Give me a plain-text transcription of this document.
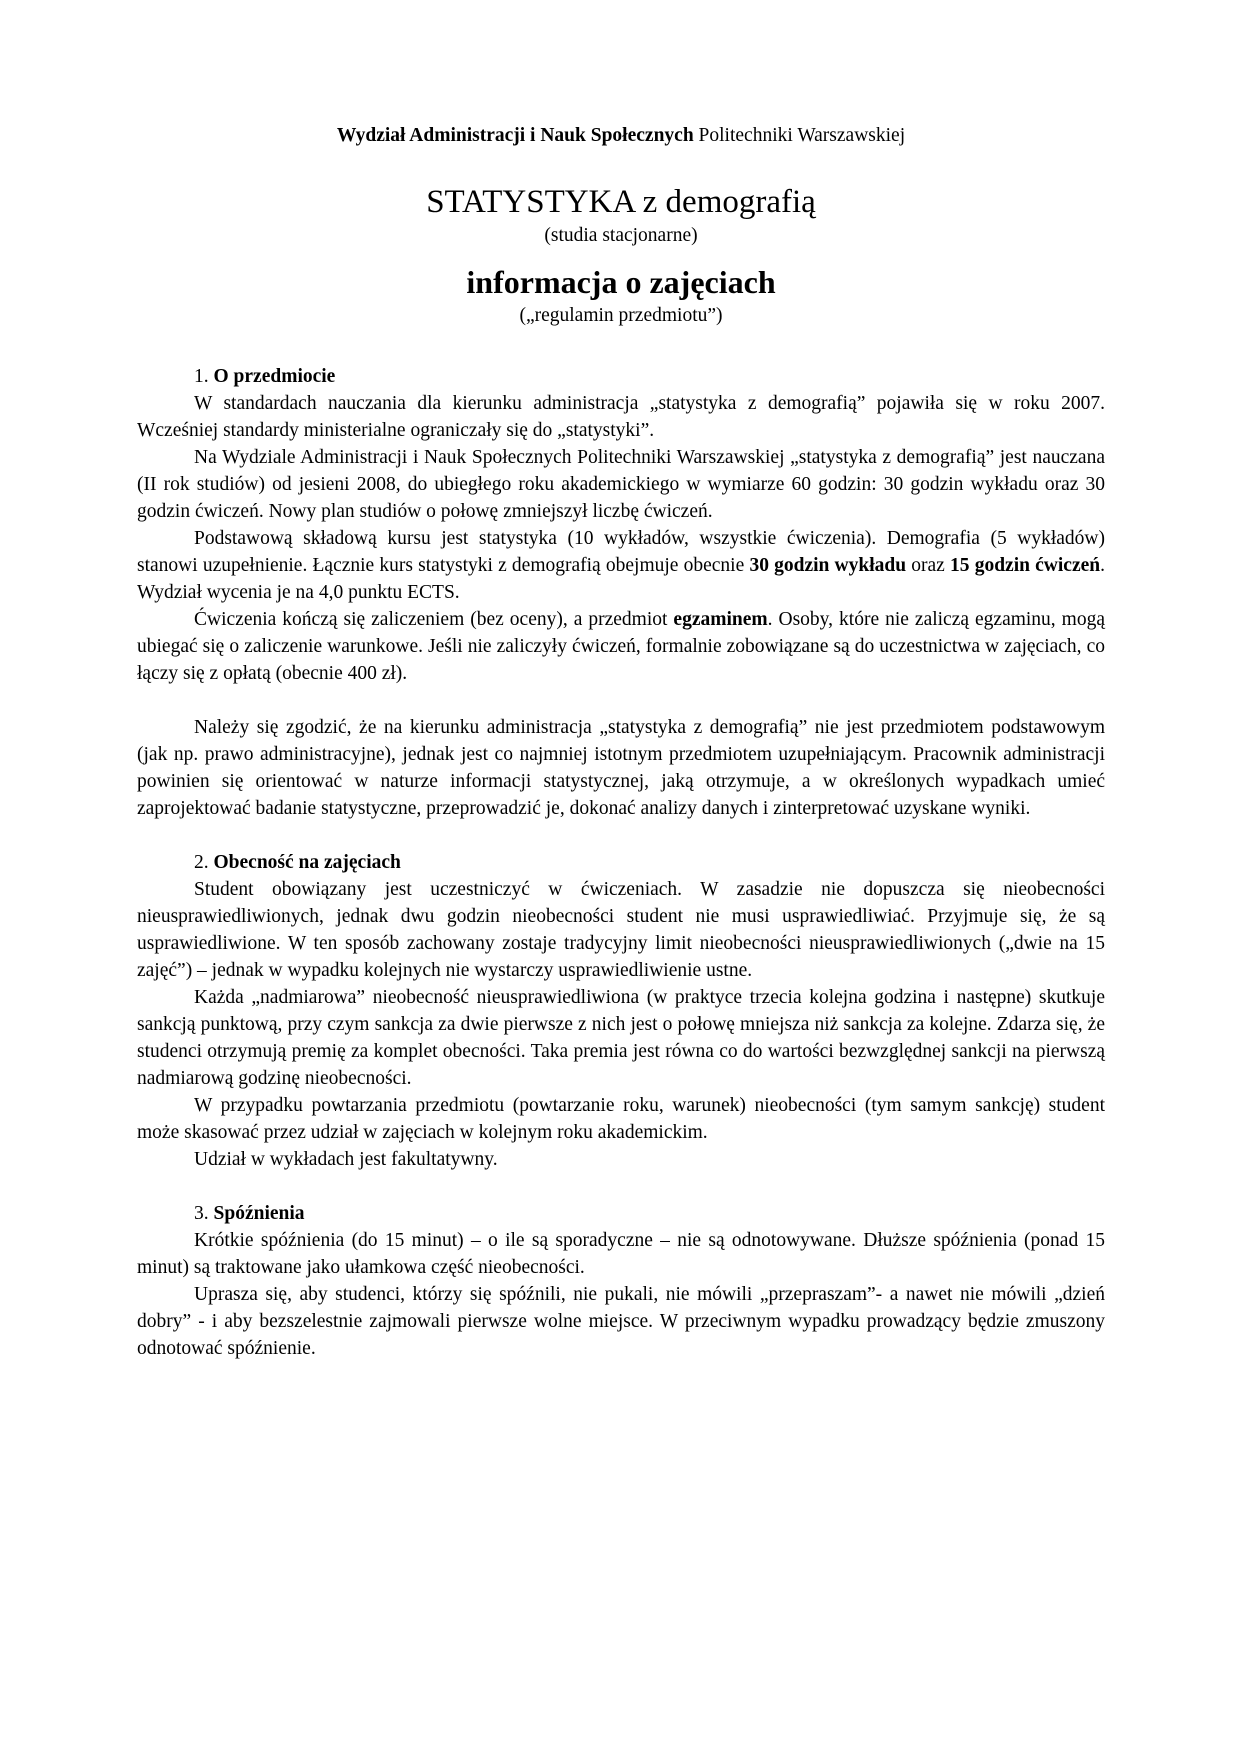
Wydział Administracji i Nauk Społecznych Politechniki Warszawskiej

STATYSTYKA z demografią

(studia stacjonarne)

informacja o zajęciach

(„regulamin przedmiotu”)

1. O przedmiocie

W standardach nauczania dla kierunku administracja „statystyka z demografią” pojawiła się w roku 2007. Wcześniej standardy ministerialne ograniczały się do „statystyki”.

Na Wydziale Administracji i Nauk Społecznych Politechniki Warszawskiej „statystyka z demografią” jest nauczana (II rok studiów) od jesieni 2008, do ubiegłego roku akademickiego w wymiarze 60 godzin: 30 godzin wykładu oraz 30 godzin ćwiczeń. Nowy plan studiów o połowę zmniejszył liczbę ćwiczeń.

Podstawową składową kursu jest statystyka (10 wykładów, wszystkie ćwiczenia). Demografia (5 wykładów) stanowi uzupełnienie. Łącznie kurs statystyki z demografią obejmuje obecnie 30 godzin wykładu oraz 15 godzin ćwiczeń. Wydział wycenia je na 4,0 punktu ECTS.

Ćwiczenia kończą się zaliczeniem (bez oceny), a przedmiot egzaminem. Osoby, które nie zaliczą egzaminu, mogą ubiegać się o zaliczenie warunkowe. Jeśli nie zaliczyły ćwiczeń, formalnie zobowiązane są do uczestnictwa w zajęciach, co łączy się z opłatą (obecnie 400 zł).

Należy się zgodzić, że na kierunku administracja „statystyka z demografią” nie jest przedmiotem podstawowym (jak np. prawo administracyjne), jednak jest co najmniej istotnym przedmiotem uzupełniającym. Pracownik administracji powinien się orientować w naturze informacji statystycznej, jaką otrzymuje, a w określonych wypadkach umieć zaprojektować badanie statystyczne, przeprowadzić je, dokonać analizy danych i zinterpretować uzyskane wyniki.

2. Obecność na zajęciach

Student obowiązany jest uczestniczyć w ćwiczeniach. W zasadzie nie dopuszcza się nieobecności nieusprawiedliwionych, jednak dwu godzin nieobecności student nie musi usprawiedliwiać. Przyjmuje się, że są usprawiedliwione. W ten sposób zachowany zostaje tradycyjny limit nieobecności nieusprawiedliwionych („dwie na 15 zajęć”) – jednak w wypadku kolejnych nie wystarczy usprawiedliwienie ustne.

Każda „nadmiarowa” nieobecność nieusprawiedliwiona (w praktyce trzecia kolejna godzina i następne) skutkuje sankcją punktową, przy czym sankcja za dwie pierwsze z nich jest o połowę mniejsza niż sankcja za kolejne. Zdarza się, że studenci otrzymują premię za komplet obecności. Taka premia jest równa co do wartości bezwzględnej sankcji na pierwszą nadmiarową godzinę nieobecności.

W przypadku powtarzania przedmiotu (powtarzanie roku, warunek) nieobecności (tym samym sankcję) student może skasować przez udział w zajęciach w kolejnym roku akademickim.

Udział w wykładach jest fakultatywny.

3. Spóźnienia

Krótkie spóźnienia (do 15 minut) – o ile są sporadyczne – nie są odnotowywane. Dłuższe spóźnienia (ponad 15 minut) są traktowane jako ułamkowa część nieobecności.

Uprasza się, aby studenci, którzy się spóźnili, nie pukali, nie mówili „przepraszam”- a nawet nie mówili „dzień dobry” - i aby bezszelestnie zajmowali pierwsze wolne miejsce. W przeciwnym wypadku prowadzący będzie zmuszony odnotować spóźnienie.
